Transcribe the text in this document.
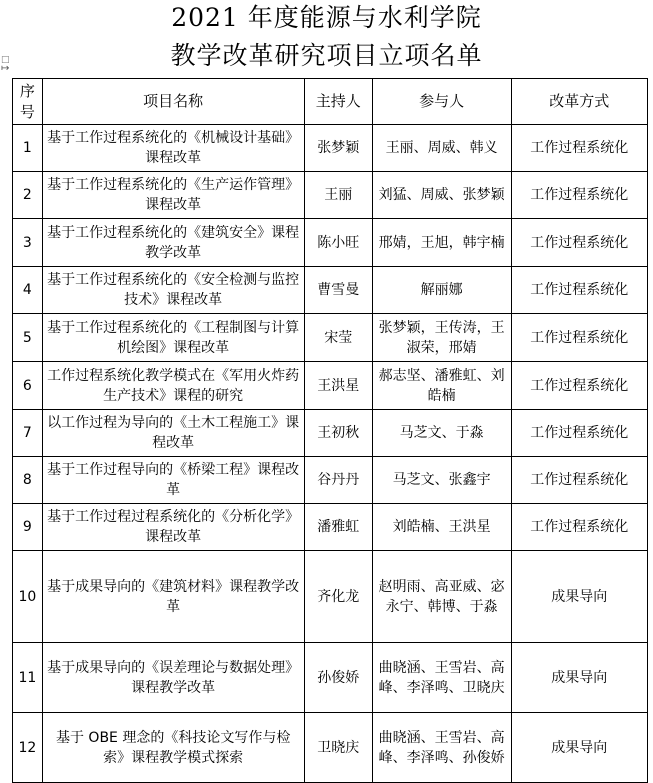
2021 年度能源与水利学院
教学改革研究项目立项名单
□
↦
序号	项目名称	主持人	参与人	改革方式
1	基于工作过程系统化的《机械设计基础》课程改革	张梦颖	王丽、周威、韩义	工作过程系统化
2	基于工作过程系统化的《生产运作管理》课程改革	王丽	刘猛、周威、张梦颖	工作过程系统化
3	基于工作过程系统化的《建筑安全》课程教学改革	陈小旺	邢婧，王旭，韩宇楠	工作过程系统化
4	基于工作过程系统化的《安全检测与监控技术》课程改革	曹雪曼	解丽娜	工作过程系统化
5	基于工作过程系统化的《工程制图与计算机绘图》课程改革	宋莹	张梦颖，王传涛，王淑荣，邢婧	工作过程系统化
6	工作过程系统化教学模式在《军用火炸药生产技术》课程的研究	王洪星	郝志坚、潘雅虹、刘皓楠	工作过程系统化
7	以工作过程为导向的《土木工程施工》课程改革	王初秋	马芝文、于淼	工作过程系统化
8	基于工作过程导向的《桥梁工程》课程改革	谷丹丹	马芝文、张鑫宇	工作过程系统化
9	基于工作过程过程系统化的《分析化学》课程改革	潘雅虹	刘皓楠、王洪星	工作过程系统化
10	基于成果导向的《建筑材料》课程教学改革	齐化龙	赵明雨、高亚威、宓永宁、韩博、于淼	成果导向
11	基于成果导向的《误差理论与数据处理》课程教学改革	孙俊娇	曲晓涵、王雪岩、高峰、李泽鸣、卫晓庆	成果导向
12	基于 OBE 理念的《科技论文写作与检索》课程教学模式探索	卫晓庆	曲晓涵、王雪岩、高峰、李泽鸣、孙俊娇	成果导向
